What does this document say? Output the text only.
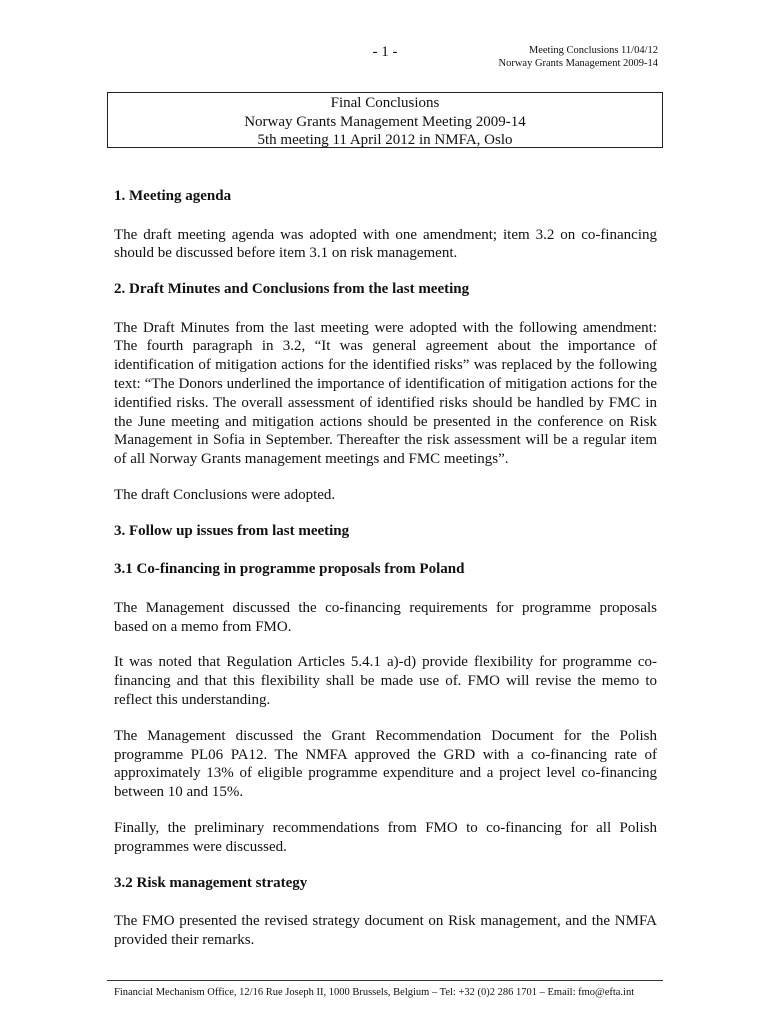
- 1 -	Meeting Conclusions 11/04/12
Norway Grants Management 2009-14
Final Conclusions
Norway Grants Management Meeting 2009-14
5th meeting 11 April 2012 in NMFA, Oslo
1. Meeting agenda

The draft meeting agenda was adopted with one amendment; item 3.2 on co-financing should be discussed before item 3.1 on risk management.

2. Draft Minutes and Conclusions from the last meeting

The Draft Minutes from the last meeting were adopted with the following amendment: The fourth paragraph in 3.2, “It was general agreement about the importance of identification of mitigation actions for the identified risks” was replaced by the following text: “The Donors underlined the importance of identification of mitigation actions for the identified risks. The overall assessment of identified risks should be handled by FMC in the June meeting and mitigation actions should be presented in the conference on Risk Management in Sofia in September. Thereafter the risk assessment will be a regular item of all Norway Grants management meetings and FMC meetings”.

The draft Conclusions were adopted.

3. Follow up issues from last meeting
3.1 Co-financing in programme proposals from Poland

The Management discussed the co-financing requirements for programme proposals based on a memo from FMO.

It was noted that Regulation Articles 5.4.1 a)-d) provide flexibility for programme co-financing and that this flexibility shall be made use of. FMO will revise the memo to reflect this understanding.

The Management discussed the Grant Recommendation Document for the Polish programme PL06 PA12. The NMFA approved the GRD with a co-financing rate of approximately 13% of eligible programme expenditure and a project level co-financing between 10 and 15%.

Finally, the preliminary recommendations from FMO to co-financing for all Polish programmes were discussed.

3.2 Risk management strategy

The FMO presented the revised strategy document on Risk management, and the NMFA provided their remarks.

Financial Mechanism Office, 12/16 Rue Joseph II, 1000 Brussels, Belgium – Tel: +32 (0)2 286 1701 – Email: fmo@efta.int
